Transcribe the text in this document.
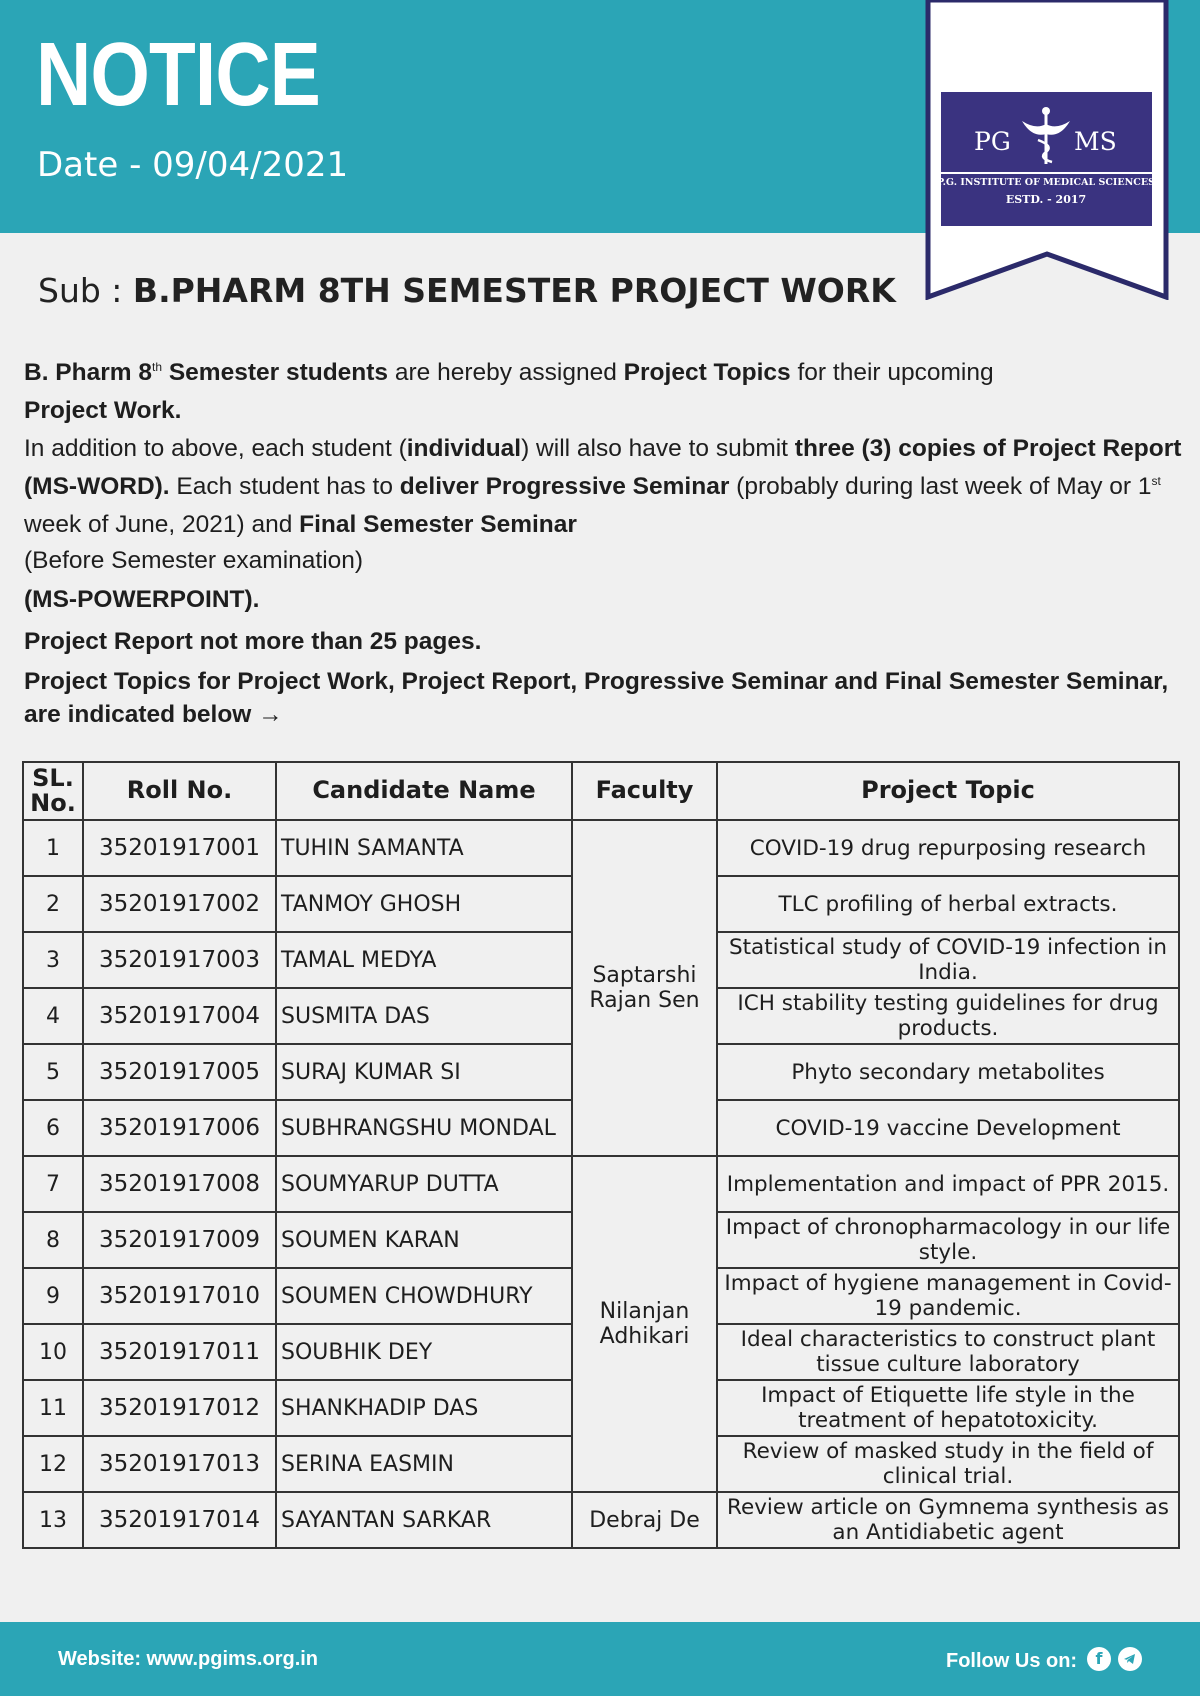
NOTICE
Date - 09/04/2021
PG	MS
P.G. INSTITUTE OF MEDICAL SCIENCES
ESTD. - 2017
Sub : B.PHARM 8TH SEMESTER PROJECT WORK

B. Pharm 8th Semester students are hereby assigned Project Topics for their upcoming
Project Work.

In addition to above, each student (individual) will also have to submit three (3) copies of Project Report (MS-WORD). Each student has to deliver Progressive Seminar (probably during last week of May or 1st week of June, 2021) and Final Semester Seminar

(Before Semester examination)

(MS-POWERPOINT).

Project Report not more than 25 pages.

Project Topics for Project Work, Project Report, Progressive Seminar and Final Semester Seminar, are indicated below →

SL. No.	Roll No.	Candidate Name	Faculty	Project Topic
1	35201917001	TUHIN SAMANTA	Saptarshi Rajan Sen	COVID-19 drug repurposing research
2	35201917002	TANMOY GHOSH		TLC profiling of herbal extracts.
3	35201917003	TAMAL MEDYA		Statistical study of COVID-19 infection in India.
4	35201917004	SUSMITA DAS		ICH stability testing guidelines for drug products.
5	35201917005	SURAJ KUMAR SI		Phyto secondary metabolites
6	35201917006	SUBHRANGSHU MONDAL		COVID-19 vaccine Development
7	35201917008	SOUMYARUP DUTTA	Nilanjan Adhikari	Implementation and impact of PPR 2015.
8	35201917009	SOUMEN KARAN		Impact of chronopharmacology in our life style.
9	35201917010	SOUMEN CHOWDHURY		Impact of hygiene management in Covid-19 pandemic.
10	35201917011	SOUBHIK DEY		Ideal characteristics to construct plant tissue culture laboratory
11	35201917012	SHANKHADIP DAS		Impact of Etiquette life style in the treatment of hepatotoxicity.
12	35201917013	SERINA EASMIN		Review of masked study in the field of clinical trial.
13	35201917014	SAYANTAN SARKAR	Debraj De	Review article on Gymnema synthesis as an Antidiabetic agent
Website: www.pgims.org.in	Follow Us on:	f
